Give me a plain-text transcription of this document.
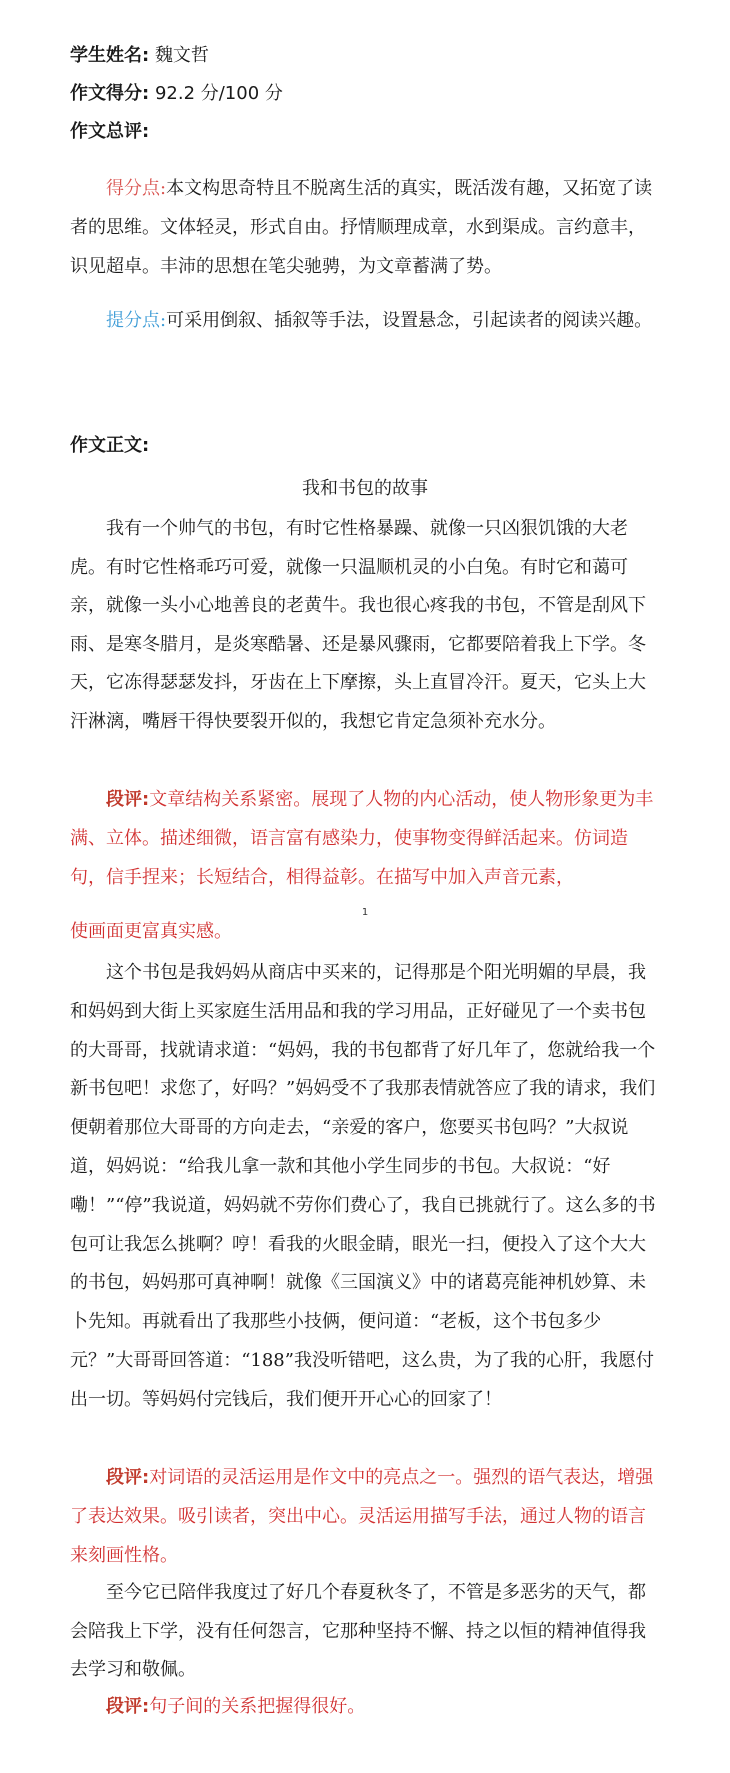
学生姓名: 魏文哲
作文得分: 92.2 分/100 分
作文总评:

得分点:本文构思奇特且不脱离生活的真实，既活泼有趣，又拓宽了读者的思维。文体轻灵，形式自由。抒情顺理成章，水到渠成。言约意丰，识见超卓。丰沛的思想在笔尖驰骋，为文章蓄满了势。

提分点:可采用倒叙、插叙等手法，设置悬念，引起读者的阅读兴趣。

作文正文:
我和书包的故事

我有一个帅气的书包，有时它性格暴躁、就像一只凶狠饥饿的大老虎。有时它性格乖巧可爱，就像一只温顺机灵的小白兔。有时它和蔼可亲，就像一头小心地善良的老黄牛。我也很心疼我的书包，不管是刮风下雨、是寒冬腊月，是炎寒酷暑、还是暴风骤雨，它都要陪着我上下学。冬天，它冻得瑟瑟发抖，牙齿在上下摩擦，头上直冒冷汗。夏天，它头上大汗淋漓，嘴唇干得快要裂开似的，我想它肯定急须补充水分。

段评:文章结构关系紧密。展现了人物的内心活动，使人物形象更为丰满、立体。描述细微，语言富有感染力，使事物变得鲜活起来。仿词造句，信手捏来；长短结合，相得益彰。在描写中加入声音元素，

1

使画面更富真实感。

这个书包是我妈妈从商店中买来的，记得那是个阳光明媚的早晨，我和妈妈到大街上买家庭生活用品和我的学习用品，正好碰见了一个卖书包的大哥哥，找就请求道：“妈妈，我的书包都背了好几年了，您就给我一个新书包吧！求您了，好吗？”妈妈受不了我那表情就答应了我的请求，我们便朝着那位大哥哥的方向走去，“亲爱的客户，您要买书包吗？”大叔说道，妈妈说：“给我儿拿一款和其他小学生同步的书包。大叔说：“好嘞！”“停”我说道，妈妈就不劳你们费心了，我自已挑就行了。这么多的书包可让我怎么挑啊？哼！看我的火眼金睛，眼光一扫，便投入了这个大大的书包，妈妈那可真神啊！就像《三国演义》中的诸葛亮能神机妙算、未卜先知。再就看出了我那些小技俩，便问道：“老板，这个书包多少元？”大哥哥回答道：“188”我没听错吧，这么贵，为了我的心肝，我愿付出一切。等妈妈付完钱后，我们便开开心心的回家了！

段评:对词语的灵活运用是作文中的亮点之一。强烈的语气表达，增强了表达效果。吸引读者，突出中心。灵活运用描写手法，通过人物的语言来刻画性格。

至今它已陪伴我度过了好几个春夏秋冬了，不管是多恶劣的天气，都会陪我上下学，没有任何怨言，它那种坚持不懈、持之以恒的精神值得我去学习和敬佩。

段评:句子间的关系把握得很好。
